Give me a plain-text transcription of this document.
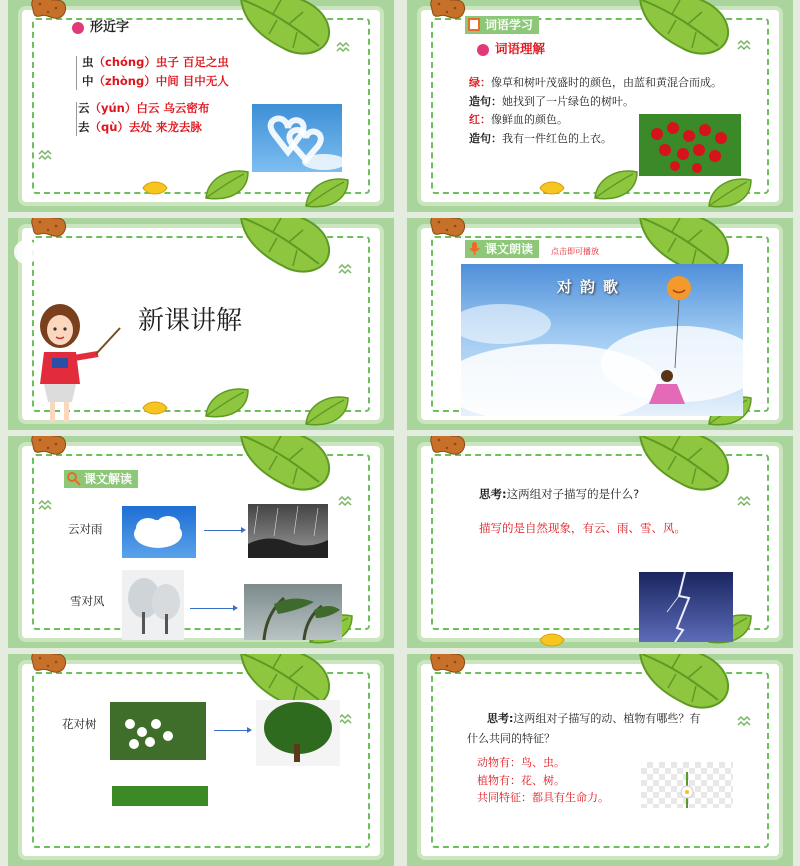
形近字
虫（chóng）虫子 百足之虫
中（zhòng）中间 目中无人
云（yún）白云 乌云密布
去（qù）去处 来龙去脉
词语学习
词语理解
绿：像草和树叶茂盛时的颜色，由蓝和黄混合而成。
造句：她找到了一片绿色的树叶。
红：像鲜血的颜色。
造句：我有一件红色的上衣。
新课讲解
课文朗读	点击即可播放
对韵歌
课文解读
云对雨
雪对风
思考:这两组对子描写的是什么?
描写的是自然现象，有云、雨、雪、风。
花对树	思考:这两组对子描写的动、植物有哪些？有
什么共同的特征？
动物有：鸟、虫。
植物有：花、树。
共同特征：都具有生命力。
